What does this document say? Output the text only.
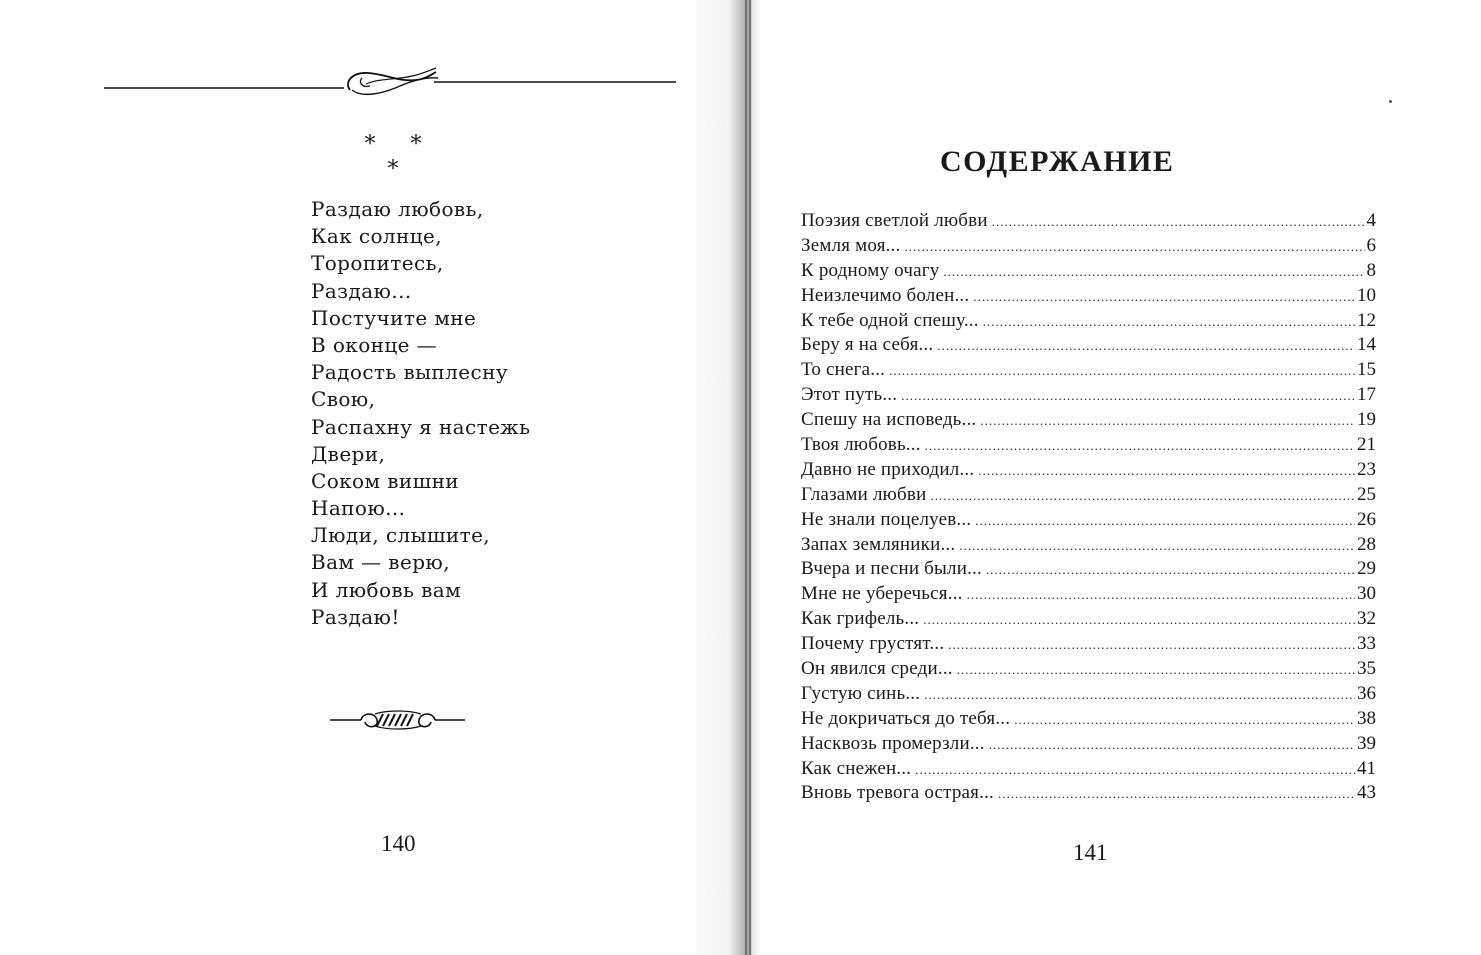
* * *
Раздаю любовь,
Как солнце,
Торопитесь,
Раздаю...
Постучите мне
В оконце —
Радость выплесну
Свою,
Распахну я настежь
Двери,
Соком вишни
Напою...
Люди, слышите,
Вам — верю,
И любовь вам
Раздаю!
140
СОДЕРЖАНИЕ
Поэзия светлой любви .....	4
Земля моя... .....	6
К родному очагу .....	8
Неизлечимо болен... .....	10
К тебе одной спешу... .....	12
Беру я на себя... .....	14
То снега... .....	15
Этот путь... .....	17
Спешу на исповедь... .....	19
Твоя любовь... .....	21
Давно не приходил... .....	23
Глазами любви .....	25
Не знали поцелуев... .....	26
Запах земляники... .....	28
Вчера и песни были... .....	29
Мне не уберечься... .....	30
Как грифель... .....	32
Почему грустят... .....	33
Он явился среди... .....	35
Густую синь... .....	36
Не докричаться до тебя... .....	38
Насквозь промерзли... .....	39
Как снежен... .....	41
Вновь тревога острая... .....	43
141
